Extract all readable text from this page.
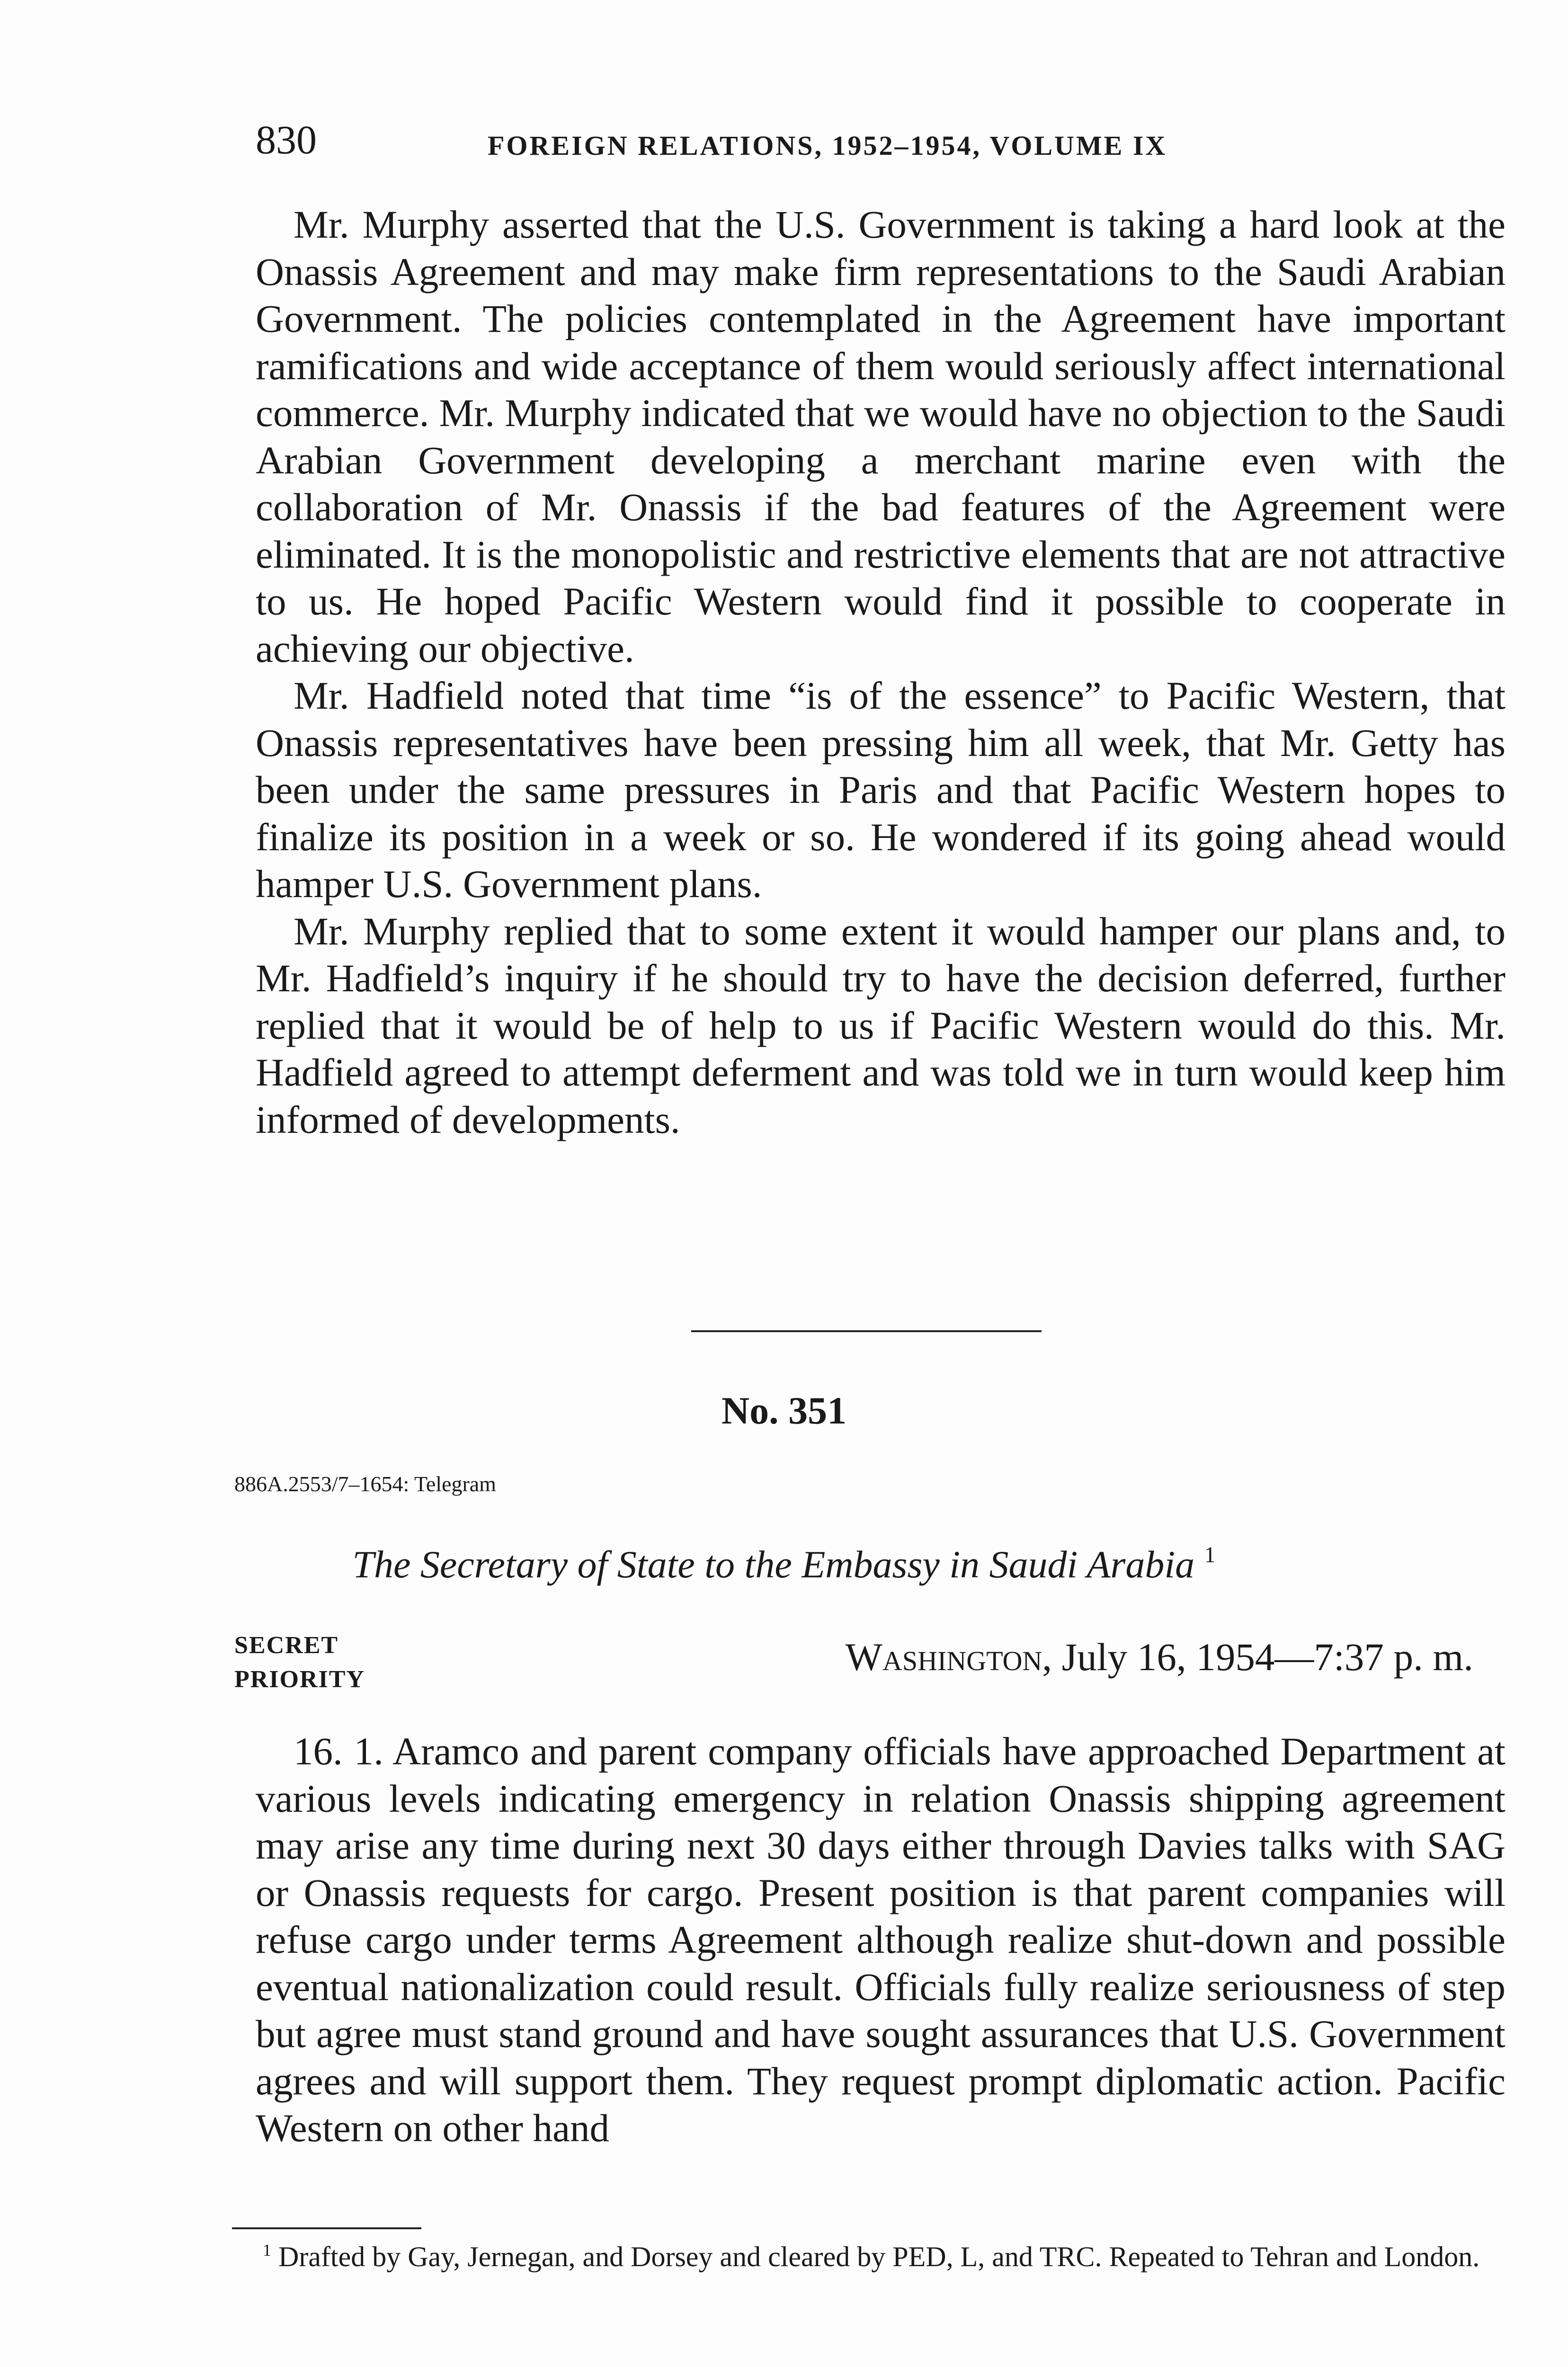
830	FOREIGN RELATIONS, 1952–1954, VOLUME IX

Mr. Murphy asserted that the U.S. Government is taking a hard look at the Onassis Agreement and may make firm representations to the Saudi Arabian Government. The policies contemplated in the Agreement have important ramifications and wide acceptance of them would seriously affect international commerce. Mr. Murphy indicated that we would have no objection to the Saudi Arabian Government developing a merchant marine even with the collaboration of Mr. Onassis if the bad features of the Agreement were eliminated. It is the monopolistic and restrictive elements that are not attractive to us. He hoped Pacific Western would find it possible to cooperate in achieving our objective.

Mr. Hadfield noted that time “is of the essence” to Pacific Western, that Onassis representatives have been pressing him all week, that Mr. Getty has been under the same pressures in Paris and that Pacific Western hopes to finalize its position in a week or so. He wondered if its going ahead would hamper U.S. Government plans.

Mr. Murphy replied that to some extent it would hamper our plans and, to Mr. Hadfield’s inquiry if he should try to have the decision deferred, further replied that it would be of help to us if Pacific Western would do this. Mr. Hadfield agreed to attempt deferment and was told we in turn would keep him informed of developments.

No. 351
886A.2553/7–1654: Telegram
The Secretary of State to the Embassy in Saudi Arabia $^1$
SECRET
PRIORITY
Washington, July 16, 1954—7:37 p. m.

16. 1. Aramco and parent company officials have approached Department at various levels indicating emergency in relation Onassis shipping agreement may arise any time during next 30 days either through Davies talks with SAG or Onassis requests for cargo. Present position is that parent companies will refuse cargo under terms Agreement although realize shut-down and possible eventual nationalization could result. Officials fully realize seriousness of step but agree must stand ground and have sought assurances that U.S. Government agrees and will support them. They request prompt diplomatic action. Pacific Western on other hand

$^1$ Drafted by Gay, Jernegan, and Dorsey and cleared by PED, L, and TRC. Repeated to Tehran and London.
